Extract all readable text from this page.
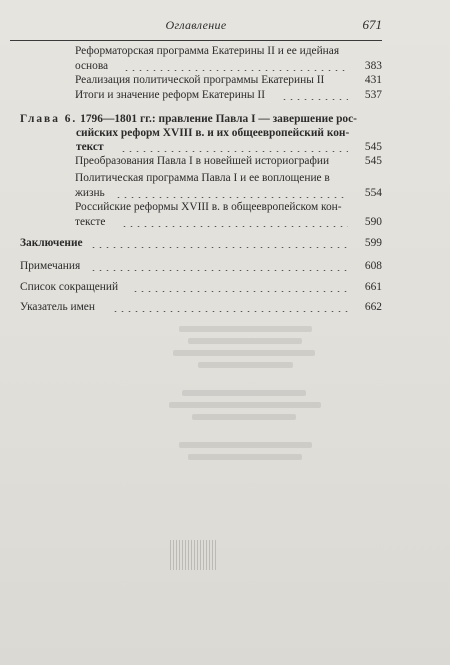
Оглавление	671
Реформаторская программа Екатерины II и ее идейная
основа	383
Реализация политической программы Екатерины II	431
Итоги и значение реформ Екатерины II	537
Глава 6. 1796—1801 гг.: правление Павла I — завершение рос-
сийских реформ XVIII в. и их общеевропейский кон-
текст	545
Преобразования Павла I в новейшей историографии	545
Политическая программа Павла I и ее воплощение в
жизнь	554
Российские реформы XVIII в. в общеевропейском кон-
тексте	590
Заключение	599
Примечания	608
Список сокращений	661
Указатель имен	662
